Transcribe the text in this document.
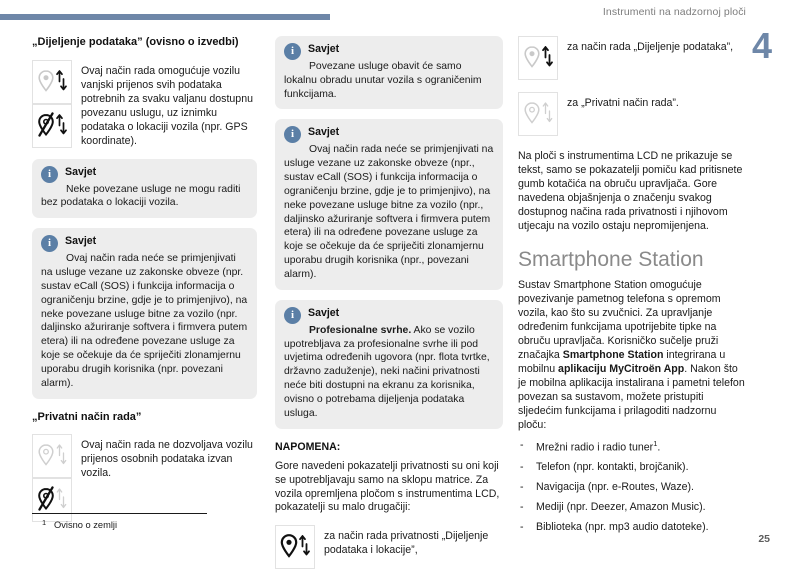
Instrumenti na nadzornoj ploči
4
„Dijeljenje podataka” (ovisno o izvedbi)
Ovaj način rada omogućuje vozilu vanjski prijenos svih podataka potrebnih za svaku valjanu dostupnu povezanu uslugu, uz iznimku podataka o lokaciji vozila (npr. GPS koordinate).
i	Savjet
Neke povezane usluge ne mogu raditi bez podataka o lokaciji vozila.
i	Savjet
Ovaj način rada neće se primjenjivati na usluge vezane uz zakonske obveze (npr. sustav eCall (SOS) i funkcija informacija o ograničenju brzine, gdje je to primjenjivo), na neke povezane usluge bitne za vozilo (npr. daljinsko ažuriranje softvera i firmvera putem etera) ili na određene povezane usluge za koje se očekuje da će spriječiti zlonamjernu uporabu drugih korisnika (npr. povezani alarm).
„Privatni način rada”
Ovaj način rada ne dozvoljava vozilu prijenos osobnih podataka izvan vozila.
1 Ovisno o zemlji
i	Savjet
Povezane usluge obavit će samo lokalnu obradu unutar vozila s ograničenim funkcijama.
i	Savjet
Ovaj način rada neće se primjenjivati na usluge vezane uz zakonske obveze (npr., sustav eCall (SOS) i funkcija informacija o ograničenju brzine, gdje je to primjenjivo), na neke povezane usluge bitne za vozilo (npr., daljinsko ažuriranje softvera i firmvera putem etera) ili na određene povezane usluge za koje se očekuje da će spriječiti zlonamjernu uporabu drugih korisnika (npr., povezani alarm).
i	Savjet
Profesionalne svrhe. Ako se vozilo upotrebljava za profesionalne svrhe ili pod uvjetima određenih ugovora (npr. flota tvrtke, državno zaduženje), neki načini privatnosti neće biti dostupni na ekranu za korisnika, ovisno o potrebama dijeljenja podataka usluga.
NAPOMENA:
Gore navedeni pokazatelji privatnosti su oni koji se upotrebljavaju samo na sklopu matrice. Za vozila opremljena pločom s instrumentima LCD, pokazatelji su malo drugačiji:
za način rada privatnosti „Dijeljenje podataka i lokacije”,
za način rada „Dijeljenje podataka”,
za „Privatni način rada”.
Na ploči s instrumentima LCD ne prikazuje se tekst, samo se pokazatelji pomiču kad pritisnete gumb kotačića na obruču upravljača. Gore navedena objašnjenja o značenju svakog dostupnog načina rada privatnosti i njihovom utjecaju na vozilo ostaju nepromijenjena.
Smartphone Station
Sustav Smartphone Station omogućuje povezivanje pametnog telefona s opremom vozila, kao što su zvučnici. Za upravljanje određenim funkcijama upotrijebite tipke na obruču upravljača. Korisničko sučelje pruži značajka Smartphone Station integrirana u mobilnu aplikaciju MyCitroën App. Nakon što je mobilna aplikacija instalirana i pametni telefon povezan sa sustavom, možete pristupiti sljedećim funkcijama i prilagoditi nadzornu ploču:
- Mrežni radio i radio tuner$^1$.
- Telefon (npr. kontakti, brojčanik).
- Navigacija (npr. e-Routes, Waze).
- Mediji (npr. Deezer, Amazon Music).
- Biblioteka (npr. mp3 audio datoteke).
25
